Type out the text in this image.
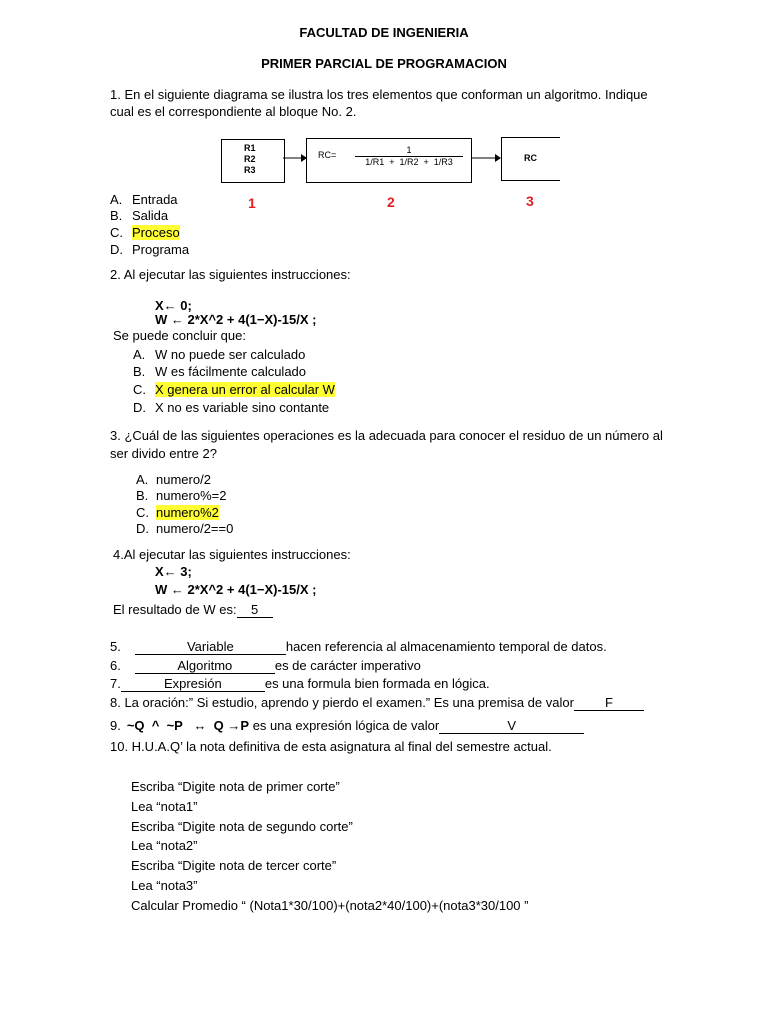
FACULTAD DE INGENIERIA
PRIMER PARCIAL DE PROGRAMACION
1. En el siguiente diagrama se ilustra los tres elementos que conforman un algoritmo. Indique
cual es el correspondiente al bloque No. 2.
R1
R2
R3
RC=	1
1/R1  +  1/R2  +  1/R3	RC
1	2	3
A. Entrada
B. Salida
C. Proceso
D. Programa
2. Al ejecutar las siguientes instrucciones:
X← 0;
W ← 2*X^2 + 4(1−X)-15/X ;
Se puede concluir que:
A. W no puede ser calculado
B. W es fácilmente calculado
C. X genera un error al calcular W
D. X no es variable sino contante
3. ¿Cuál de las siguientes operaciones es la adecuada para conocer el residuo de un número al
ser divido entre 2?
A. numero/2
B. numero%=2
C. numero%2
D. numero/2==0
4.Al ejecutar las siguientes instrucciones:
X← 3;
W ← 2*X^2 + 4(1−X)-15/X ;
El resultado de W es: 5
5.	Variable	hacen referencia al almacenamiento temporal de datos.
6.	Algoritmo	es de carácter imperativo
7.	Expresión	es una formula bien formada en lógica.
8. La oración:” Si estudio, aprendo y pierdo el examen.” Es una premisa de valor F
9. ~Q  ^  ~P   ↔  Q →P es una expresión lógica de valor	V
10. H.U.A.Q’ la nota definitiva de esta asignatura al final del semestre actual.
Escriba “Digite nota de primer corte”
Lea “nota1”
Escriba “Digite nota de segundo corte”
Lea “nota2”
Escriba “Digite nota de tercer corte”
Lea “nota3”
Calcular Promedio “ (Nota1*30/100)+(nota2*40/100)+(nota3*30/100 ”
